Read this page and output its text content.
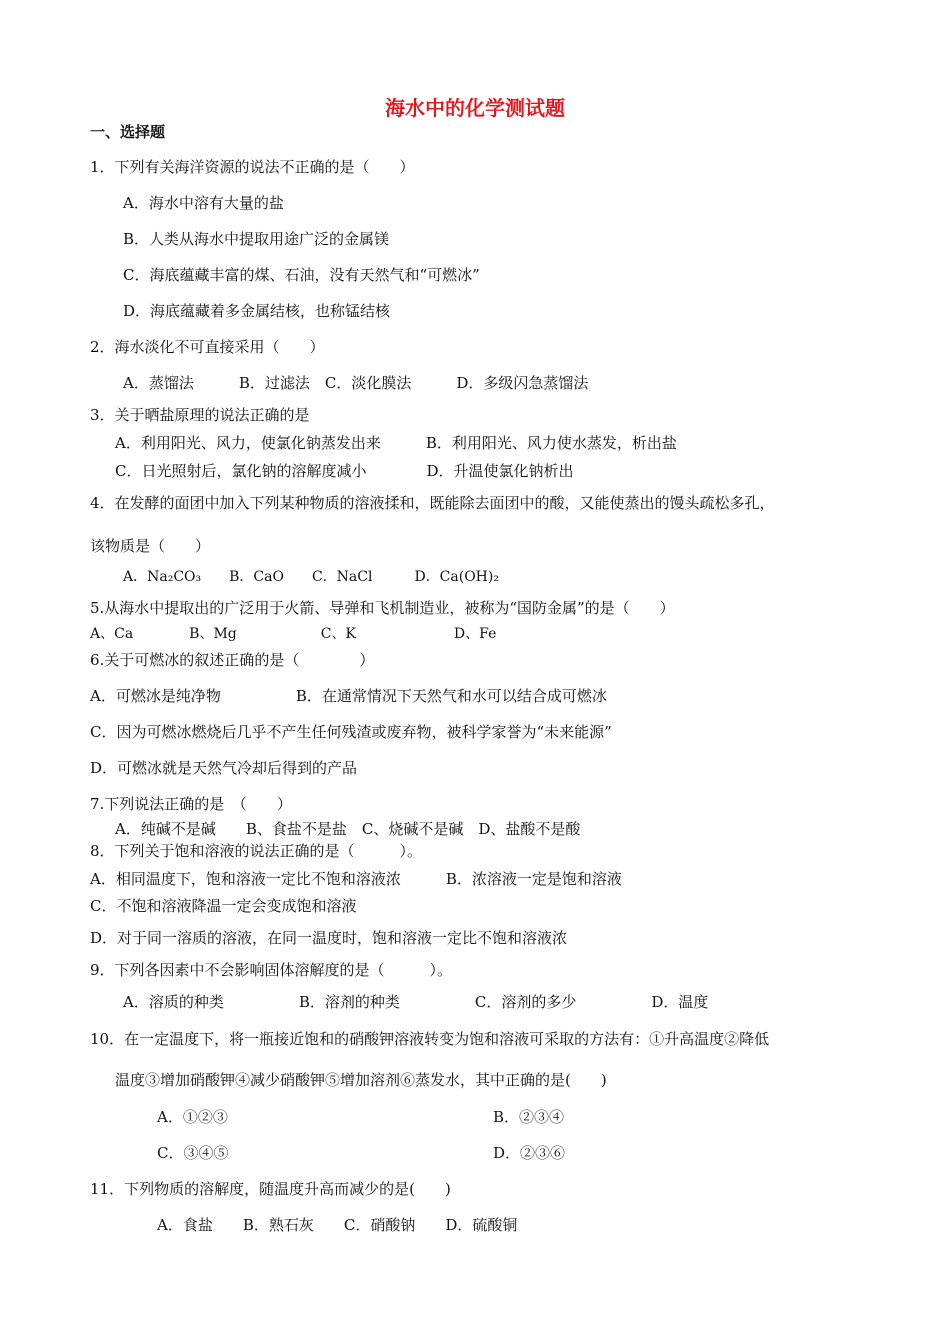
海水中的化学测试题
一、选择题
1．下列有关海洋资源的说法不正确的是（　　）
A．海水中溶有大量的盐
B．人类从海水中提取用途广泛的金属镁
C．海底蕴藏丰富的煤、石油，没有天然气和“可燃冰”
D．海底蕴藏着多金属结核，也称锰结核
2．海水淡化不可直接采用（　　）
A．蒸馏法　　　B．过滤法　C．淡化膜法　　　D．多级闪急蒸馏法
3．关于晒盐原理的说法正确的是
A．利用阳光、风力，使氯化钠蒸发出来　　　B．利用阳光、风力使水蒸发，析出盐
C．日光照射后，氯化钠的溶解度减小　　　　D．升温使氯化钠析出
4．在发酵的面团中加入下列某种物质的溶液揉和，既能除去面团中的酸，又能使蒸出的馒头疏松多孔，
该物质是（　　）
A．Na₂CO₃　　B．CaO　　C．NaCl　　　D．Ca(OH)₂
5.从海水中提取出的广泛用于火箭、导弹和飞机制造业，被称为“国防金属”的是（　　）
A、Ca　　　　B、Mg　　　　　　C、K　　　　　　　D、Fe
6.关于可燃冰的叙述正确的是（　　　　）
A．可燃冰是纯净物　　　　　B．在通常情况下天然气和水可以结合成可燃冰
C．因为可燃冰燃烧后几乎不产生任何残渣或废弃物，被科学家誉为“未来能源”
D．可燃冰就是天然气冷却后得到的产品
7.下列说法正确的是　（　　）
A．纯碱不是碱　　B、食盐不是盐　C、烧碱不是碱　D、盐酸不是酸
8．下列关于饱和溶液的说法正确的是（　　　）。
A．相同温度下，饱和溶液一定比不饱和溶液浓　　　B．浓溶液一定是饱和溶液
C．不饱和溶液降温一定会变成饱和溶液
D．对于同一溶质的溶液，在同一温度时，饱和溶液一定比不饱和溶液浓
9．下列各因素中不会影响固体溶解度的是（　　　）。
A．溶质的种类　　　　　B．溶剂的种类　　　　　C．溶剂的多少　　　　　D．温度
10．在一定温度下，将一瓶接近饱和的硝酸钾溶液转变为饱和溶液可采取的方法有：①升高温度②降低
温度③增加硝酸钾④减少硝酸钾⑤增加溶剂⑥蒸发水，其中正确的是(　　)
A．①②③	B．②③④
C．③④⑤	D．②③⑥
11．下列物质的溶解度，随温度升高而减少的是(　　)
A．食盐　　B．熟石灰　　C．硝酸钠　　D．硫酸铜
